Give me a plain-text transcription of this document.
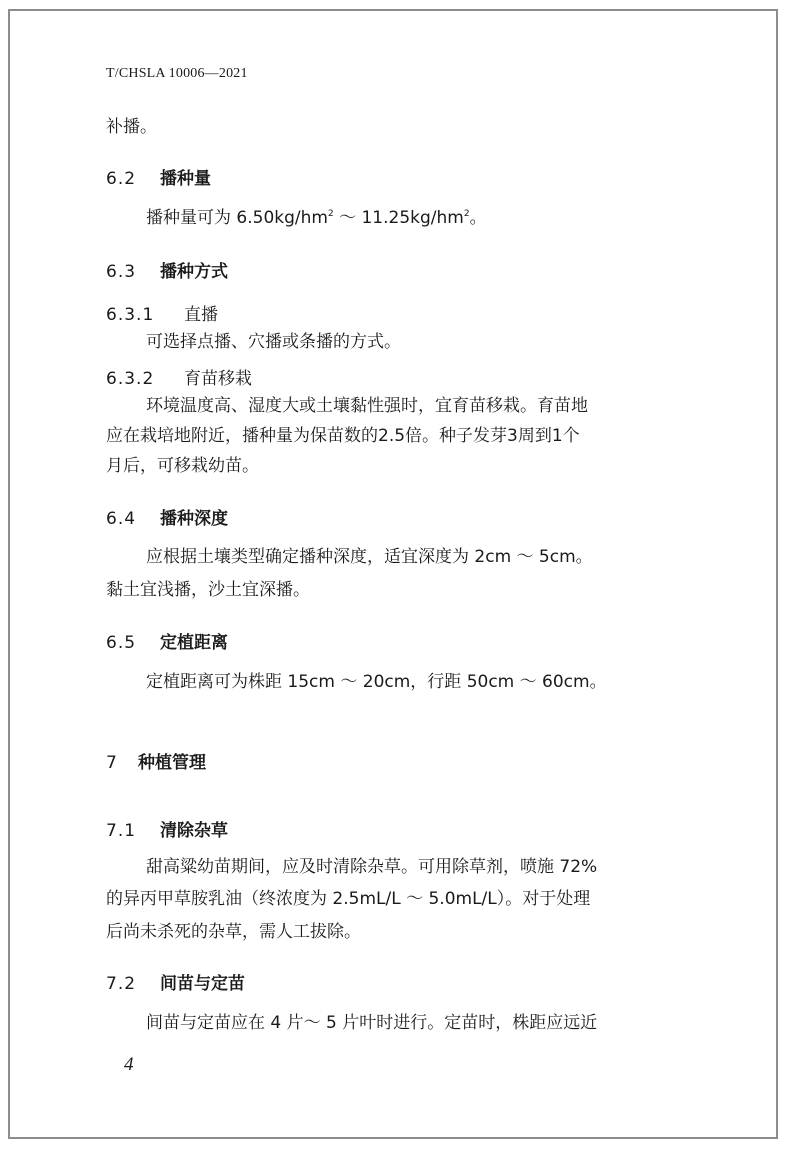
T/CHSLA 10006—2021

补播。

6.2 播种量

播种量可为 $6.50kg/hm^2$ ～ $11.25kg/hm^2$。

6.3 播种方式
6.3.1 直播

可选择点播、穴播或条播的方式。

6.3.2 育苗移栽

环境温度高、湿度大或土壤黏性强时，宜育苗移栽。育苗地

应在栽培地附近，播种量为保苗数的2.5倍。种子发芽3周到1个

月后，可移栽幼苗。

6.4 播种深度

应根据土壤类型确定播种深度，适宜深度为 2cm ～ 5cm。

黏土宜浅播，沙土宜深播。

6.5 定植距离

定植距离可为株距 15cm ～ 20cm，行距 50cm ～ 60cm。

7 种植管理
7.1 清除杂草

甜高粱幼苗期间，应及时清除杂草。可用除草剂，喷施 72%

的异丙甲草胺乳油（终浓度为 2.5mL/L ～ 5.0mL/L）。对于处理

后尚未杀死的杂草，需人工拔除。

7.2 间苗与定苗

间苗与定苗应在 4 片～ 5 片叶时进行。定苗时，株距应远近

4
